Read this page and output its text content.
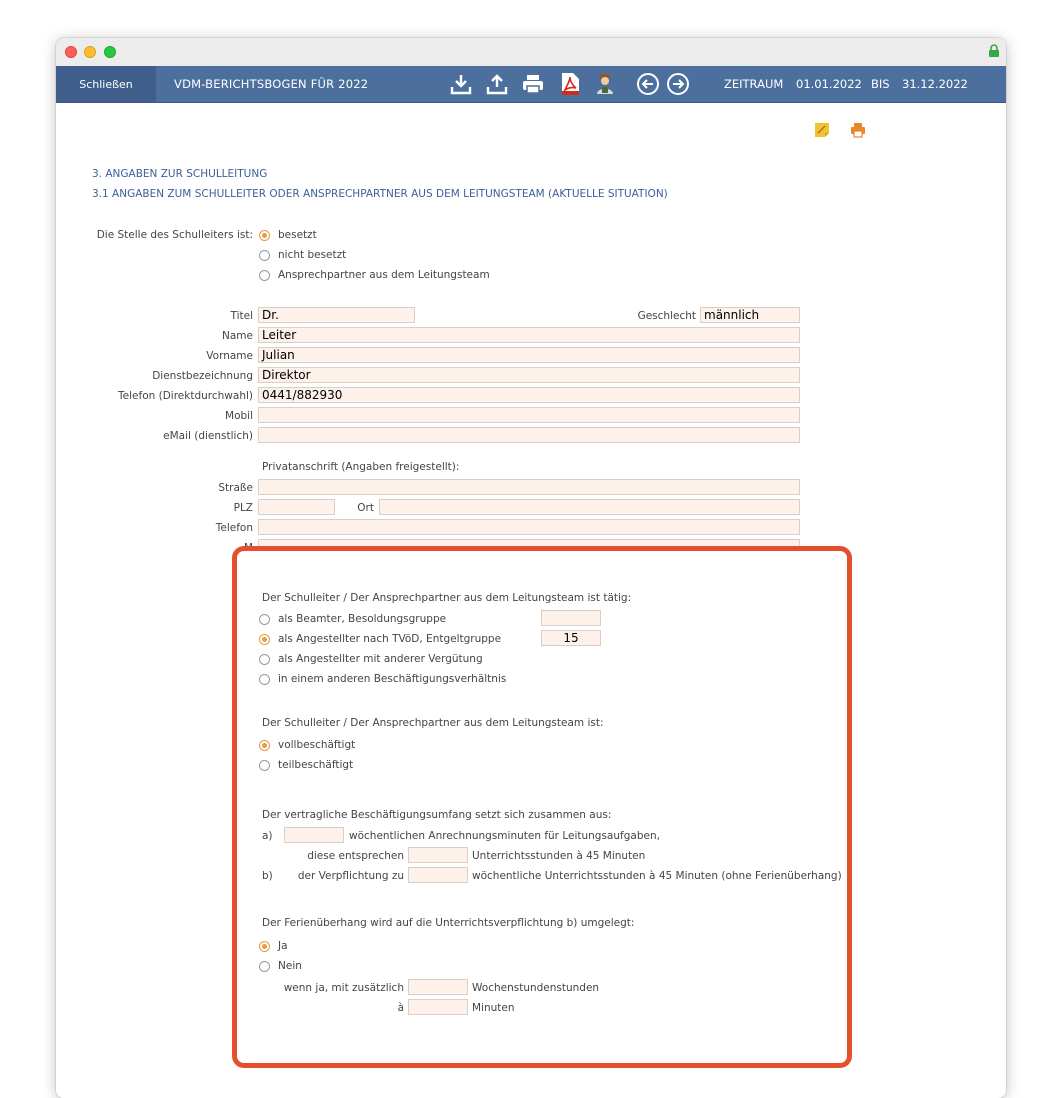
Schließen	VDM-BERICHTSBOGEN FÜR 2022	ZEITRAUM 01.01.2022 BIS 31.12.2022
3. ANGABEN ZUR SCHULLEITUNG
3.1 ANGABEN ZUM SCHULLEITER ODER ANSPRECHPARTNER AUS DEM LEITUNGSTEAM (AKTUELLE SITUATION)
Die Stelle des Schulleiters ist: besetzt
nicht besetzt
Ansprechpartner aus dem Leitungsteam
Titel Dr.	Geschlecht männlich
Name Leiter
Vorname Julian
Dienstbezeichnung Direktor
Telefon (Direktdurchwahl) 0441/882930
Mobil
eMail (dienstlich)
Privatanschrift (Angaben freigestellt):
Straße
PLZ	Ort
Telefon
Der Schulleiter / Der Ansprechpartner aus dem Leitungsteam ist tätig:
als Beamter, Besoldungsgruppe
als Angestellter nach TVöD, Entgeltgruppe	15
als Angestellter mit anderer Vergütung
in einem anderen Beschäftigungsverhältnis
Der Schulleiter / Der Ansprechpartner aus dem Leitungsteam ist:
vollbeschäftigt
teilbeschäftigt
Der vertragliche Beschäftigungsumfang setzt sich zusammen aus:
a)	wöchentlichen Anrechnungsminuten für Leitungsaufgaben,
diese entsprechen	Unterrichtsstunden à 45 Minuten
b)	der Verpflichtung zu	wöchentliche Unterrichtsstunden à 45 Minuten (ohne Ferienüberhang)
Der Ferienüberhang wird auf die Unterrichtsverpflichtung b) umgelegt:
Ja
Nein
wenn ja, mit zusätzlich	Wochenstundenstunden
à	Minuten
